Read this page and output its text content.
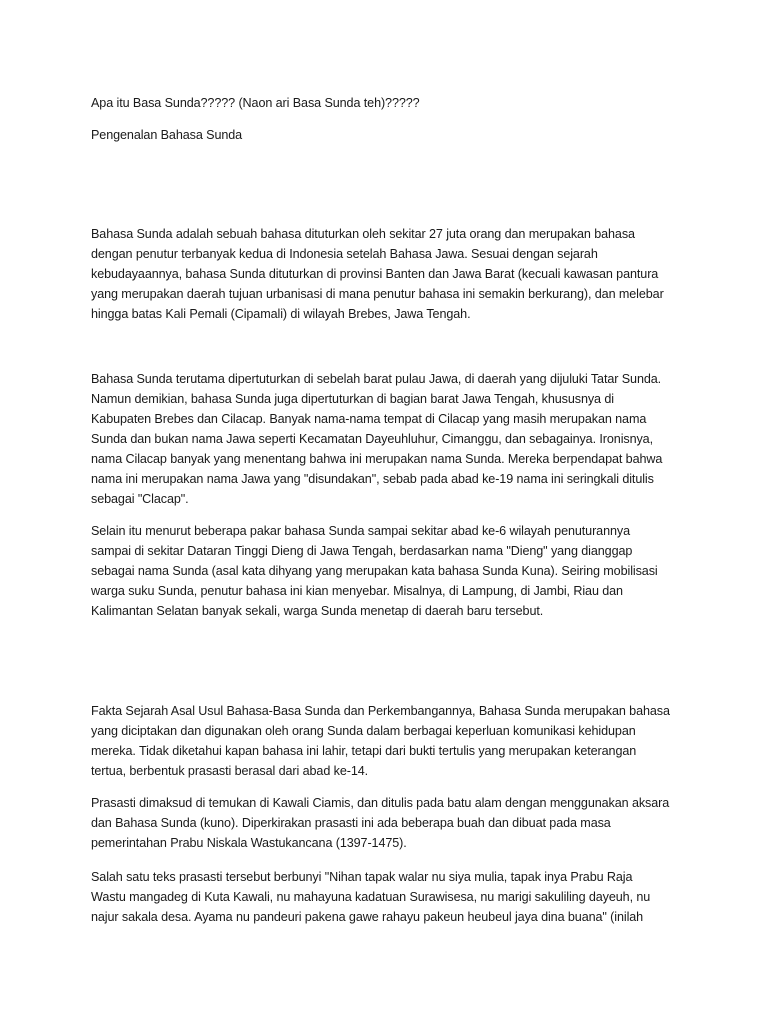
Apa itu Basa Sunda????? (Naon ari Basa Sunda teh)?????
Pengenalan Bahasa Sunda
Bahasa Sunda adalah sebuah bahasa dituturkan oleh sekitar 27 juta orang dan merupakan bahasa
dengan penutur terbanyak kedua di Indonesia setelah Bahasa Jawa. Sesuai dengan sejarah
kebudayaannya, bahasa Sunda dituturkan di provinsi Banten dan Jawa Barat (kecuali kawasan pantura
yang merupakan daerah tujuan urbanisasi di mana penutur bahasa ini semakin berkurang), dan melebar
hingga batas Kali Pemali (Cipamali) di wilayah Brebes, Jawa Tengah.
Bahasa Sunda terutama dipertuturkan di sebelah barat pulau Jawa, di daerah yang dijuluki Tatar Sunda.
Namun demikian, bahasa Sunda juga dipertuturkan di bagian barat Jawa Tengah, khususnya di
Kabupaten Brebes dan Cilacap. Banyak nama-nama tempat di Cilacap yang masih merupakan nama
Sunda dan bukan nama Jawa seperti Kecamatan Dayeuhluhur, Cimanggu, dan sebagainya. Ironisnya,
nama Cilacap banyak yang menentang bahwa ini merupakan nama Sunda. Mereka berpendapat bahwa
nama ini merupakan nama Jawa yang "disundakan", sebab pada abad ke-19 nama ini seringkali ditulis
sebagai "Clacap".
Selain itu menurut beberapa pakar bahasa Sunda sampai sekitar abad ke-6 wilayah penuturannya
sampai di sekitar Dataran Tinggi Dieng di Jawa Tengah, berdasarkan nama "Dieng" yang dianggap
sebagai nama Sunda (asal kata dihyang yang merupakan kata bahasa Sunda Kuna). Seiring mobilisasi
warga suku Sunda, penutur bahasa ini kian menyebar. Misalnya, di Lampung, di Jambi, Riau dan
Kalimantan Selatan banyak sekali, warga Sunda menetap di daerah baru tersebut.
Fakta Sejarah Asal Usul Bahasa-Basa Sunda dan Perkembangannya, Bahasa Sunda merupakan bahasa
yang diciptakan dan digunakan oleh orang Sunda dalam berbagai keperluan komunikasi kehidupan
mereka. Tidak diketahui kapan bahasa ini lahir, tetapi dari bukti tertulis yang merupakan keterangan
tertua, berbentuk prasasti berasal dari abad ke-14.
Prasasti dimaksud di temukan di Kawali Ciamis, dan ditulis pada batu alam dengan menggunakan aksara
dan Bahasa Sunda (kuno). Diperkirakan prasasti ini ada beberapa buah dan dibuat pada masa
pemerintahan Prabu Niskala Wastukancana (1397-1475).
Salah satu teks prasasti tersebut berbunyi "Nihan tapak walar nu siya mulia, tapak inya Prabu Raja
Wastu mangadeg di Kuta Kawali, nu mahayuna kadatuan Surawisesa, nu marigi sakuliling dayeuh, nu
najur sakala desa. Ayama nu pandeuri pakena gawe rahayu pakeun heubeul jaya dina buana" (inilah
